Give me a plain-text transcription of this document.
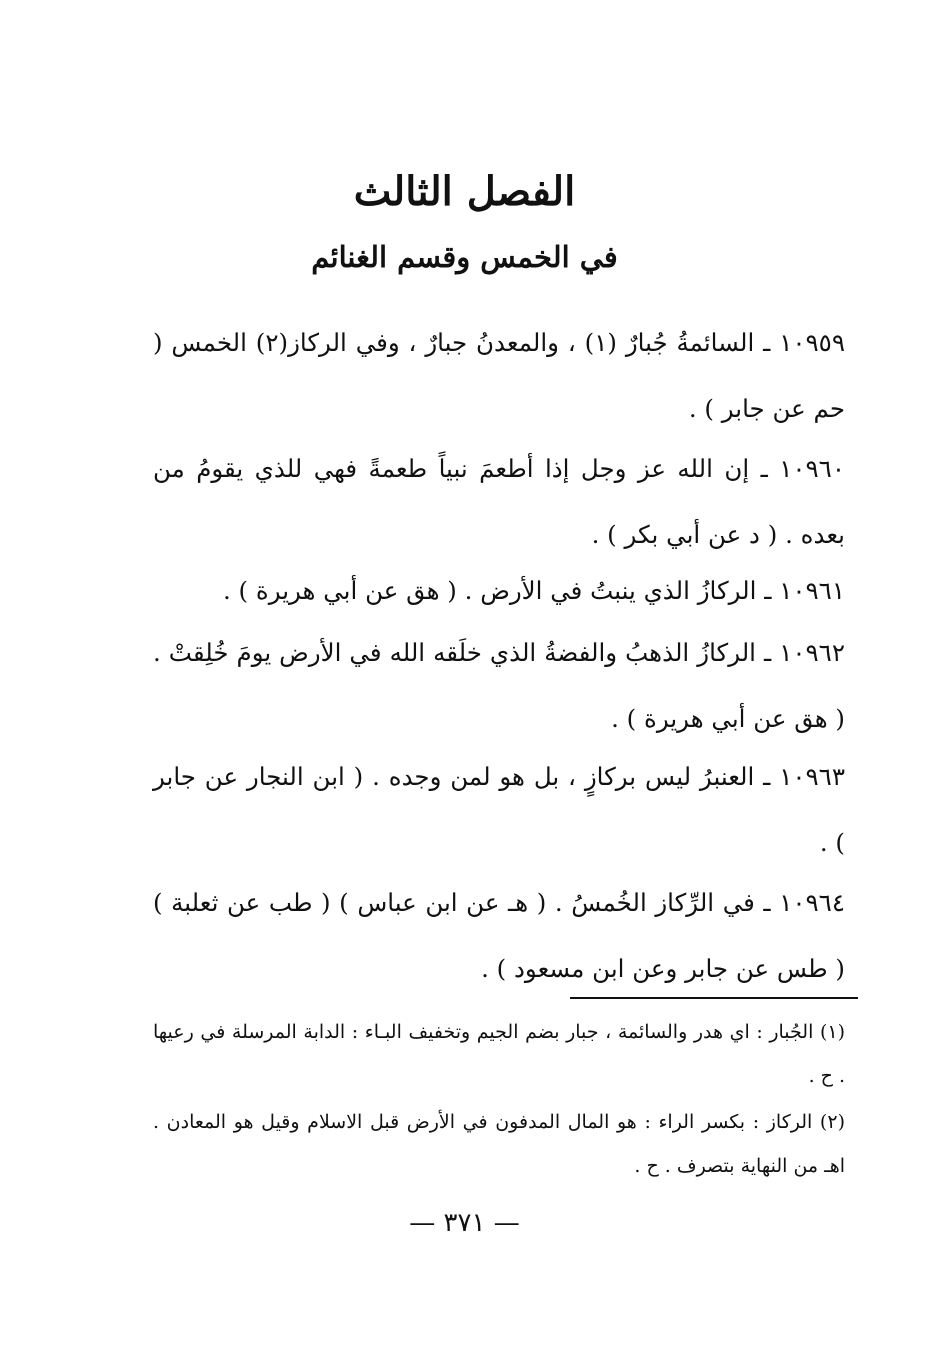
الفصل الثالث
في الخمس وقسم الغنائم
١٠٩٥٩ ـ السائمةُ جُبارٌ (١) ، والمعدنُ جبارٌ ، وفي الركاز(٢) الخمس ( حم عن جابر ) .
١٠٩٦٠ ـ إن الله عز وجل إذا أطعمَ نبياً طعمةً فهي للذي يقومُ من بعده . ( د عن أبي بكر ) .
١٠٩٦١ ـ الركازُ الذي ينبتُ في الأرض . ( هق عن أبي هريرة ) .
١٠٩٦٢ ـ الركازُ الذهبُ والفضةُ الذي خلَقه الله في الأرض يومَ خُلِقتْ . ( هق عن أبي هريرة ) .
١٠٩٦٣ ـ العنبرُ ليس بركازٍ ، بل هو لمن وجده . ( ابن النجار عن جابر ) .
١٠٩٦٤ ـ في الرِّكاز الخُمسُ . ( هـ عن ابن عباس ) ( طب عن ثعلبة ) ( طس عن جابر وعن ابن مسعود ) .
(١) الجُبار : اي هدر والسائمة ، جبار بضم الجيم وتخفيف البـاء : الدابة المرسلة في رعيها . ح .
(٢) الركاز : بكسر الراء : هو المال المدفون في الأرض قبل الاسلام وقيل هو المعادن . اهـ من النهاية بتصرف . ح .
— ٣٧١ —
